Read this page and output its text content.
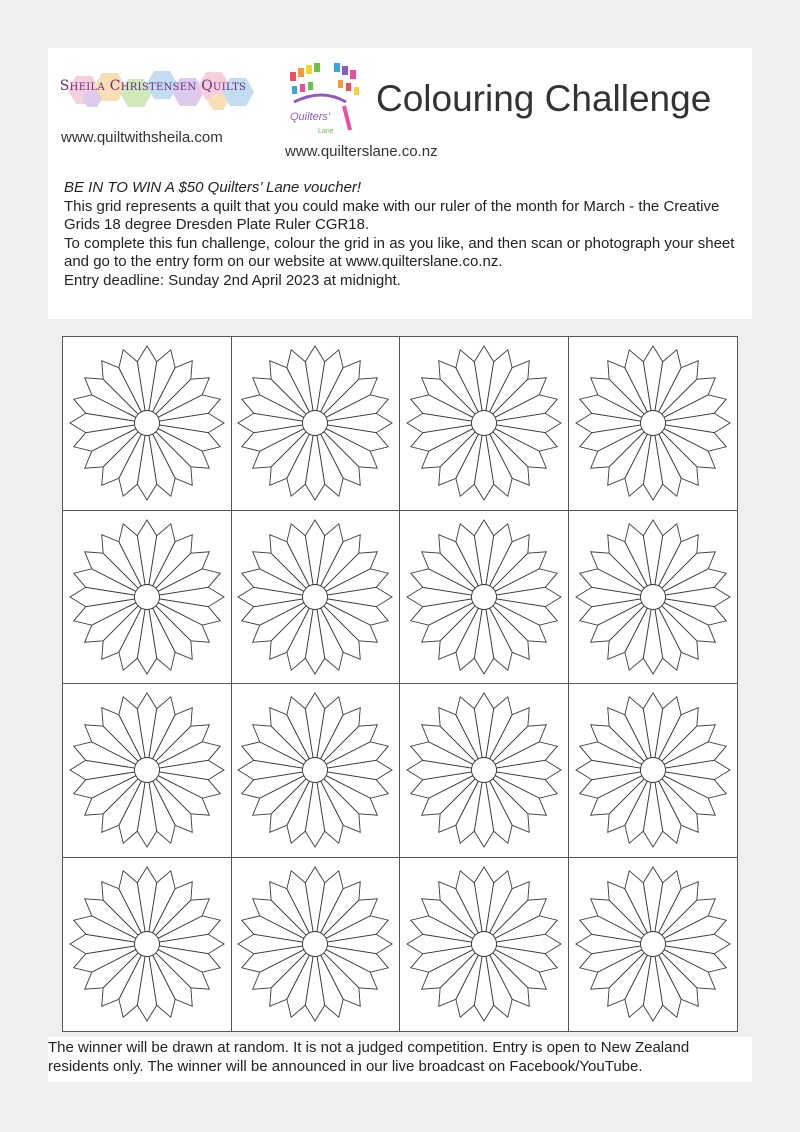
Sheila Christensen Quilts
www.quiltwithsheila.com
Quilters'
Lane
www.quilterslane.co.nz
Colouring Challenge

BE IN TO WIN A $50 Quilters’ Lane voucher!

This grid represents a quilt that you could make with our ruler of the month for March - the Creative Grids 18 degree Dresden Plate Ruler CGR18.

To complete this fun challenge, colour the grid in as you like, and then scan or photograph your sheet and go to the entry form on our website at www.quilterslane.co.nz.

Entry deadline: Sunday 2nd April 2023 at midnight.

The winner will be drawn at random. It is not a judged competition. Entry is open to New Zealand residents only. The winner will be announced in our live broadcast on Facebook/YouTube.
